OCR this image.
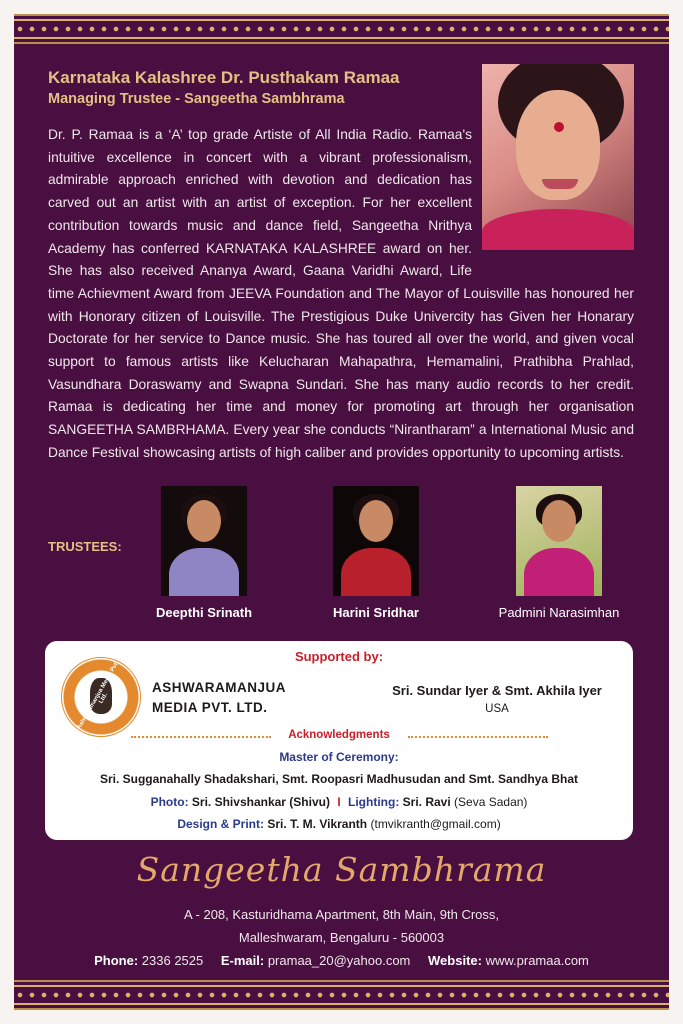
Karnataka Kalashree Dr. Pusthakam Ramaa
Managing Trustee - Sangeetha Sambhrama

Dr. P. Ramaa is a ‘A’ top grade Artiste of All India Radio. Ramaa's intuitive excellence in concert with a vibrant professionalism, admirable approach enriched with devotion and dedication has carved out an artist with an artist of exception. For her excellent contribution towards music and dance field, Sangeetha Nrithya Academy has conferred KARNATAKA KALASHREE award on her. She has also received Ananya Award, Gaana Varidhi Award, Life time Achievment Award from JEEVA Foundation and The Mayor of Louisville has honoured her with Honorary citizen of Louisville. The Prestigious Duke Univercity has Given her Honarary Doctorate for her service to Dance music. She has toured all over the world, and given vocal support to famous artists like Kelucharan Mahapathra, Hemamalini, Prathibha Prahlad, Vasundhara Doraswamy and Swapna Sundari. She has many audio records to her credit. Ramaa is dedicating her time and money for promoting art through her organisation SANGEETHA SAMBRHAMA. Every year she conducts “Nirantharam” a International Music and Dance Festival showcasing artists of high caliber and provides opportunity to upcoming artists.

TRUSTEES:
Deepthi Srinath	Harini Sridhar	Padmini Narasimhan
Supported by:
Ashwaramanjua Media Pvt. Ltd.
ASHWARAMANJUA
MEDIA PVT. LTD.
Sri. Sundar Iyer & Smt. Akhila Iyer
USA
Acknowledgments
Master of Ceremony:
Sri. Sugganahally Shadakshari, Smt. Roopasri Madhusudan and Smt. Sandhya Bhat
Photo: Sri. Shivshankar (Shivu) I Lighting: Sri. Ravi (Seva Sadan)
Design & Print: Sri. T. M. Vikranth (tmvikranth@gmail.com)
Sangeetha Sambhrama
A - 208, Kasturidhama Apartment, 8th Main, 9th Cross,
Malleshwaram, Bengaluru - 560003
Phone: 2336 2525 E-mail: pramaa_20@yahoo.com Website: www.pramaa.com
